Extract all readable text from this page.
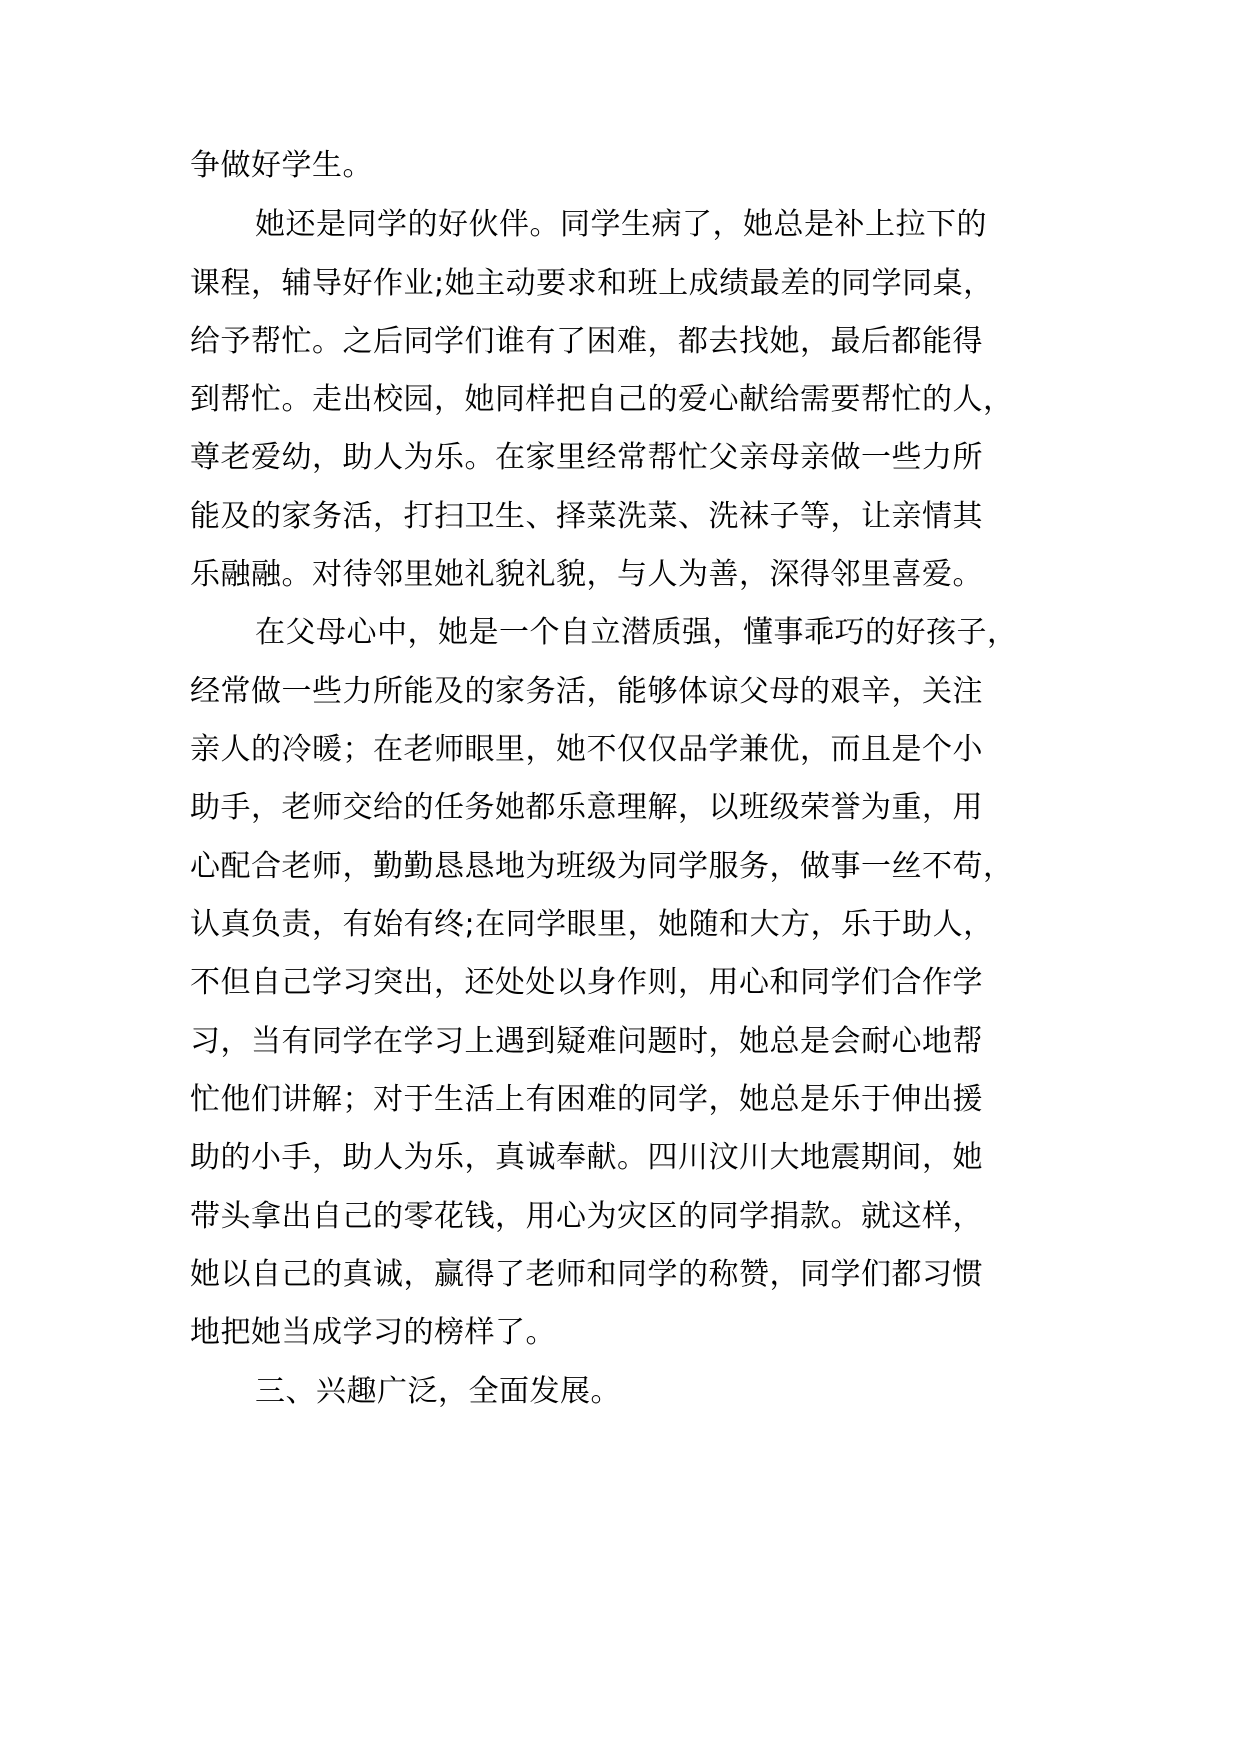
争做好学生。
她还是同学的好伙伴。同学生病了，她总是补上拉下的
课程，辅导好作业;她主动要求和班上成绩最差的同学同桌，
给予帮忙。之后同学们谁有了困难，都去找她，最后都能得
到帮忙。走出校园，她同样把自己的爱心献给需要帮忙的人，
尊老爱幼，助人为乐。在家里经常帮忙父亲母亲做一些力所
能及的家务活，打扫卫生、择菜洗菜、洗袜子等，让亲情其
乐融融。对待邻里她礼貌礼貌，与人为善，深得邻里喜爱。
在父母心中，她是一个自立潜质强，懂事乖巧的好孩子，
经常做一些力所能及的家务活，能够体谅父母的艰辛，关注
亲人的冷暖；在老师眼里，她不仅仅品学兼优，而且是个小
助手，老师交给的任务她都乐意理解，以班级荣誉为重，用
心配合老师，勤勤恳恳地为班级为同学服务，做事一丝不苟，
认真负责，有始有终;在同学眼里，她随和大方，乐于助人，
不但自己学习突出，还处处以身作则，用心和同学们合作学
习，当有同学在学习上遇到疑难问题时，她总是会耐心地帮
忙他们讲解；对于生活上有困难的同学，她总是乐于伸出援
助的小手，助人为乐，真诚奉献。四川汶川大地震期间，她
带头拿出自己的零花钱，用心为灾区的同学捐款。就这样，
她以自己的真诚，赢得了老师和同学的称赞，同学们都习惯
地把她当成学习的榜样了。
三、兴趣广泛，全面发展。
